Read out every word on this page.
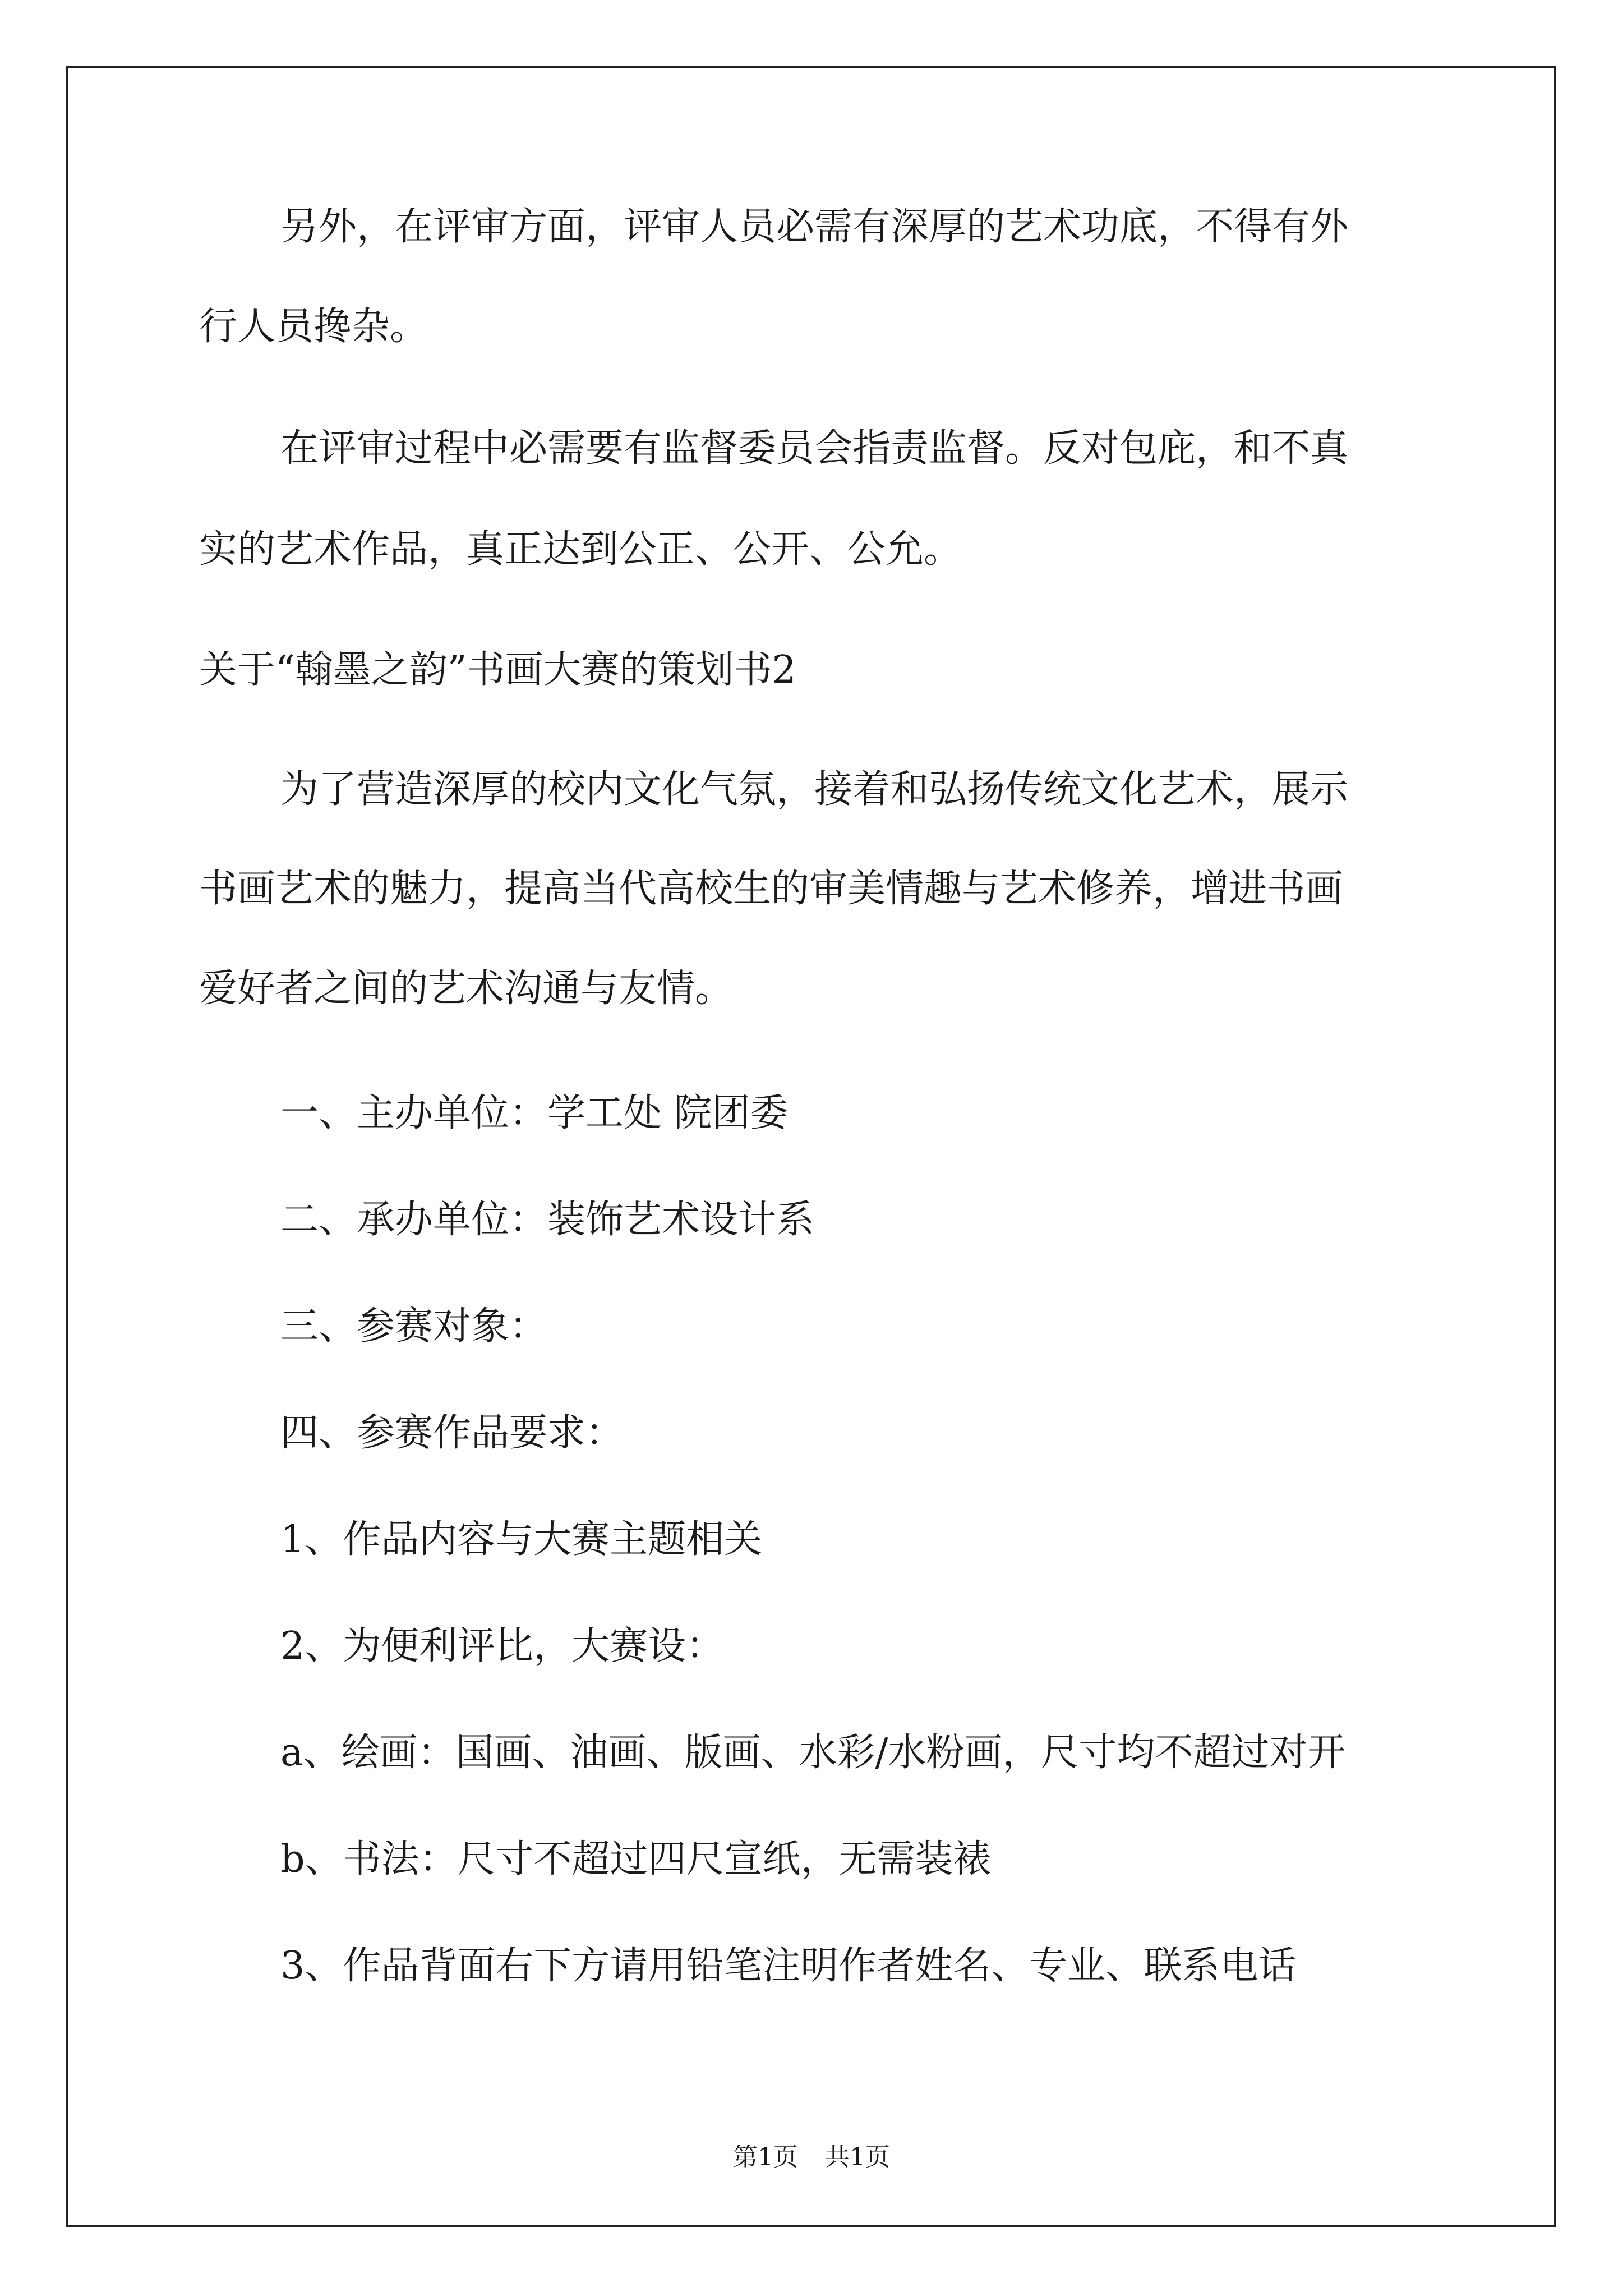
另外，在评审方面，评审人员必需有深厚的艺术功底，不得有外

行人员搀杂。

在评审过程中必需要有监督委员会指责监督。反对包庇，和不真

实的艺术作品，真正达到公正、公开、公允。

关于“翰墨之韵”书画大赛的策划书2

为了营造深厚的校内文化气氛，接着和弘扬传统文化艺术，展示

书画艺术的魅力，提高当代高校生的审美情趣与艺术修养，增进书画

爱好者之间的艺术沟通与友情。

一、主办单位：学工处 院团委

二、承办单位：装饰艺术设计系

三、参赛对象：

四、参赛作品要求：

1、作品内容与大赛主题相关

2、为便利评比，大赛设：

a、绘画：国画、油画、版画、水彩/水粉画，尺寸均不超过对开

b、书法：尺寸不超过四尺宣纸，无需装裱

3、作品背面右下方请用铅笔注明作者姓名、专业、联系电话

第1页 共1页
